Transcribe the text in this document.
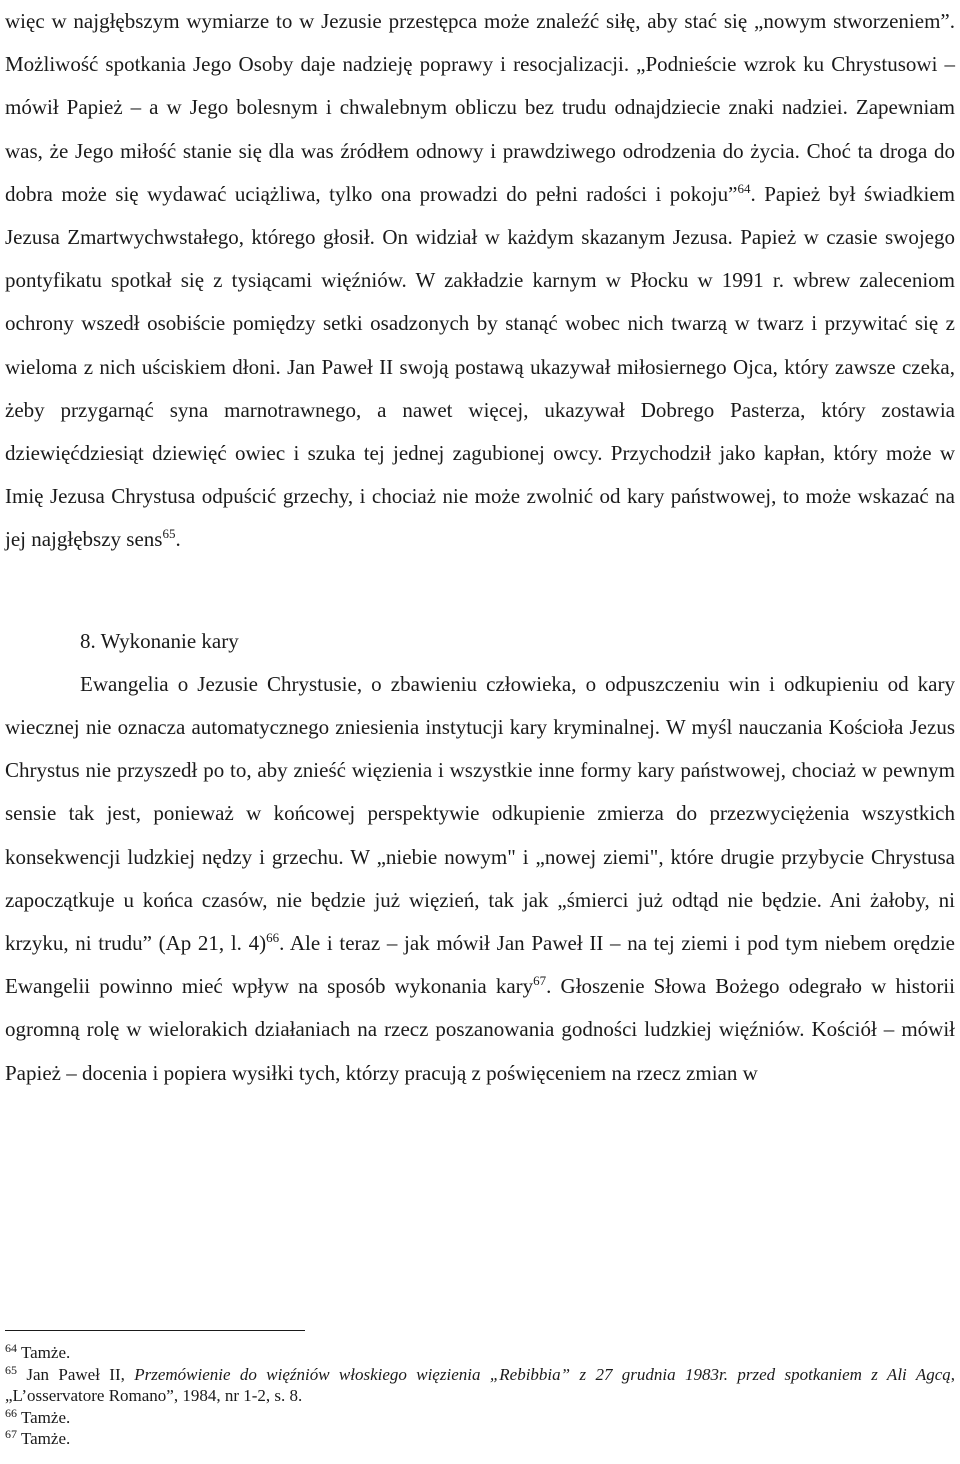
więc w najgłębszym wymiarze to w Jezusie przestępca może znaleźć siłę, aby stać się „nowym stworzeniem”. Możliwość spotkania Jego Osoby daje nadzieję poprawy i resocjalizacji. „Podnieście wzrok ku Chrystusowi – mówił Papież – a w Jego bolesnym i chwalebnym obliczu bez trudu odnajdziecie znaki nadziei. Zapewniam was, że Jego miłość stanie się dla was źródłem odnowy i prawdziwego odrodzenia do życia. Choć ta droga do dobra może się wydawać uciążliwa, tylko ona prowadzi do pełni radości i pokoju”$^{64}$. Papież był świadkiem Jezusa Zmartwychwstałego, którego głosił. On widział w każdym skazanym Jezusa. Papież w czasie swojego pontyfikatu spotkał się z tysiącami więźniów. W zakładzie karnym w Płocku w 1991 r. wbrew zaleceniom ochrony wszedł osobiście pomiędzy setki osadzonych by stanąć wobec nich twarzą w twarz i przywitać się z wieloma z nich uściskiem dłoni. Jan Paweł II swoją postawą ukazywał miłosiernego Ojca, który zawsze czeka, żeby przygarnąć syna marnotrawnego, a nawet więcej, ukazywał Dobrego Pasterza, który zostawia dziewięćdziesiąt dziewięć owiec i szuka tej jednej zagubionej owcy. Przychodził jako kapłan, który może w Imię Jezusa Chrystusa odpuścić grzechy, i chociaż nie może zwolnić od kary państwowej, to może wskazać na jej najgłębszy sens$^{65}$.

8. Wykonanie kary

Ewangelia o Jezusie Chrystusie, o zbawieniu człowieka, o odpuszczeniu win i odkupieniu od kary wiecznej nie oznacza automatycznego zniesienia instytucji kary kryminalnej. W myśl nauczania Kościoła Jezus Chrystus nie przyszedł po to, aby znieść więzienia i wszystkie inne formy kary państwowej, chociaż w pewnym sensie tak jest, ponieważ w końcowej perspektywie odkupienie zmierza do przezwyciężenia wszystkich konsekwencji ludzkiej nędzy i grzechu. W „niebie nowym" i „nowej ziemi", które drugie przybycie Chrystusa zapoczątkuje u końca czasów, nie będzie już więzień, tak jak „śmierci już odtąd nie będzie. Ani żałoby, ni krzyku, ni trudu” (Ap 21, l. 4)$^{66}$. Ale i teraz – jak mówił Jan Paweł II – na tej ziemi i pod tym niebem orędzie Ewangelii powinno mieć wpływ na sposób wykonania kary$^{67}$. Głoszenie Słowa Bożego odegrało w historii ogromną rolę w wielorakich działaniach na rzecz poszanowania godności ludzkiej więźniów. Kościół – mówił Papież – docenia i popiera wysiłki tych, którzy pracują z poświęceniem na rzecz zmian w

$^{64}$ Tamże.

$^{65}$ Jan Paweł II, Przemówienie do więźniów włoskiego więzienia „Rebibbia” z 27 grudnia 1983r. przed spotkaniem z Ali Agcą, „L’osservatore Romano”, 1984, nr 1-2, s. 8.

$^{66}$ Tamże.

$^{67}$ Tamże.
